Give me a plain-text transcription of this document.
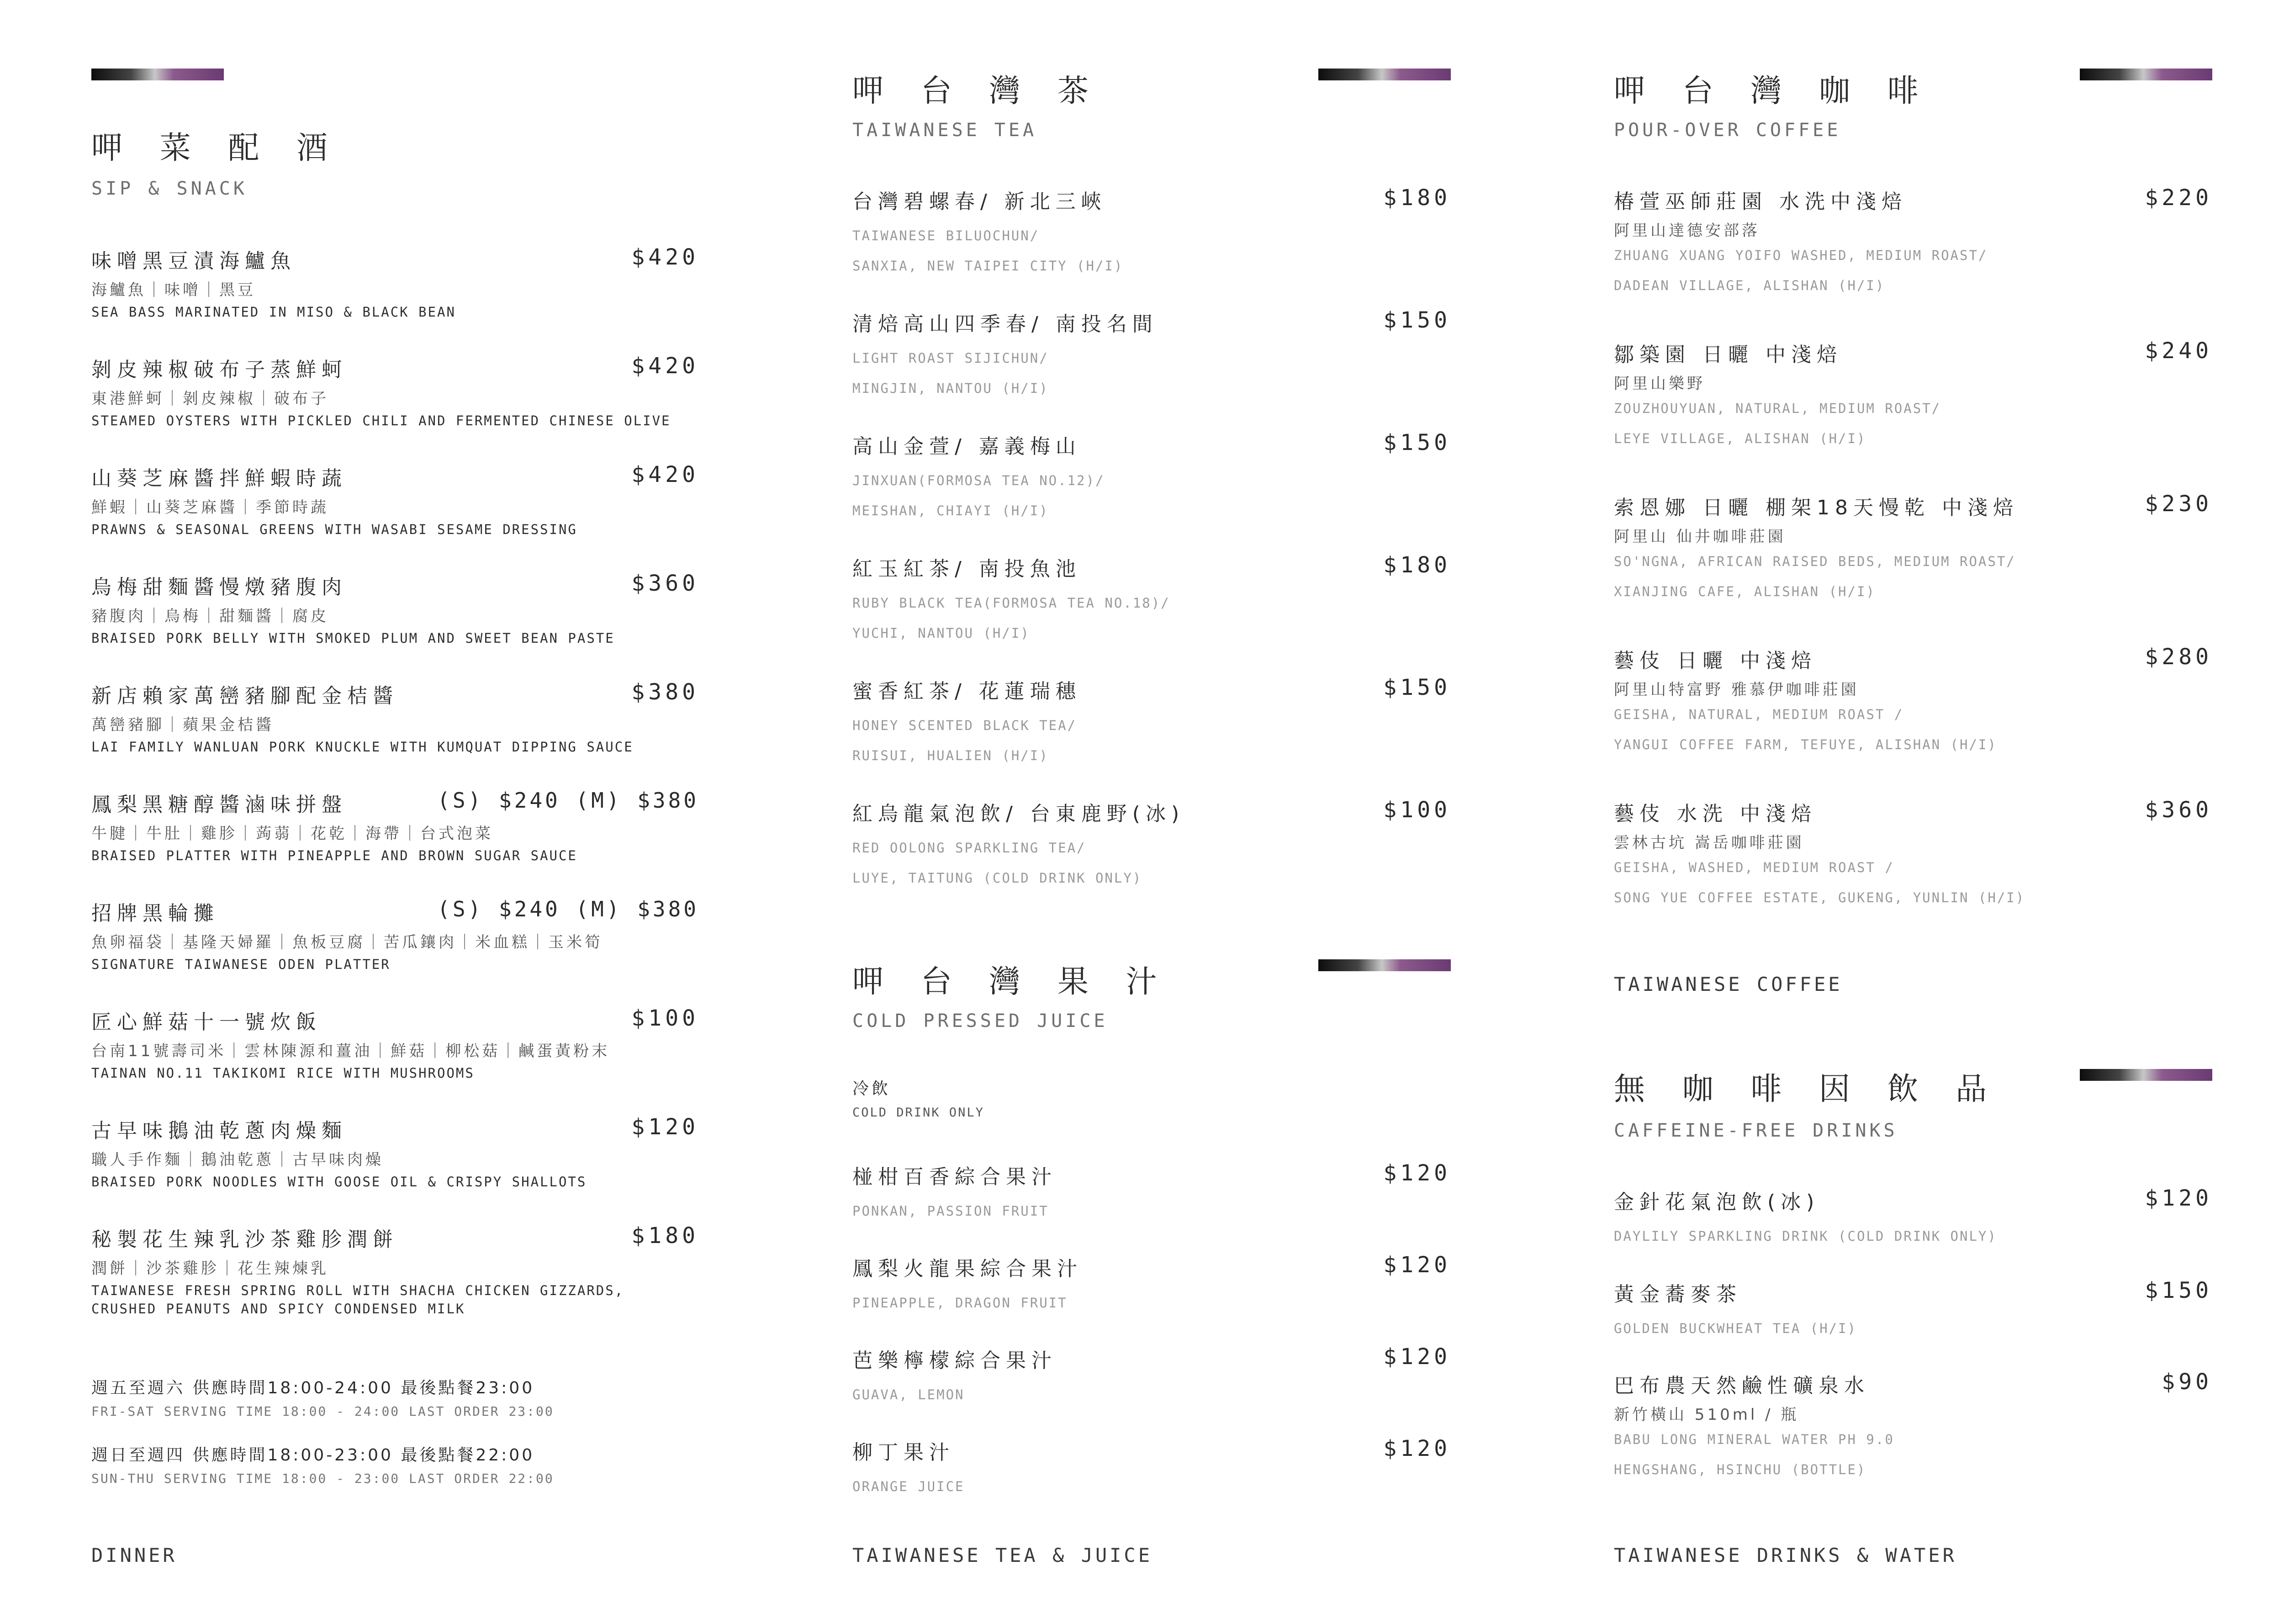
呷 菜 配 酒
SIP & SNACK
味噌黑豆漬海鱸魚	$420
海鱸魚｜味噌｜黑豆
SEA BASS MARINATED IN MISO & BLACK BEAN
剝皮辣椒破布子蒸鮮蚵	$420
東港鮮蚵｜剝皮辣椒｜破布子
STEAMED OYSTERS WITH PICKLED CHILI AND FERMENTED CHINESE OLIVE
山葵芝麻醬拌鮮蝦時蔬	$420
鮮蝦｜山葵芝麻醬｜季節時蔬
PRAWNS & SEASONAL GREENS WITH WASABI SESAME DRESSING
烏梅甜麵醬慢燉豬腹肉	$360
豬腹肉｜烏梅｜甜麵醬｜腐皮
BRAISED PORK BELLY WITH SMOKED PLUM AND SWEET BEAN PASTE
新店賴家萬巒豬腳配金桔醬	$380
萬巒豬腳｜蘋果金桔醬
LAI FAMILY WANLUAN PORK KNUCKLE WITH KUMQUAT DIPPING SAUCE
鳳梨黑糖醇醬滷味拼盤	(S) $240 (M) $380
牛腱｜牛肚｜雞胗｜蒟蒻｜花乾｜海帶｜台式泡菜
BRAISED PLATTER WITH PINEAPPLE AND BROWN SUGAR SAUCE
招牌黑輪攤	(S) $240 (M) $380
魚卵福袋｜基隆天婦羅｜魚板豆腐｜苦瓜鑲肉｜米血糕｜玉米筍
SIGNATURE TAIWANESE ODEN PLATTER
匠心鮮菇十一號炊飯	$100
台南11號壽司米｜雲林陳源和薑油｜鮮菇｜柳松菇｜鹹蛋黃粉末
TAINAN NO.11 TAKIKOMI RICE WITH MUSHROOMS
古早味鵝油乾蔥肉燥麵	$120
職人手作麵｜鵝油乾蔥｜古早味肉燥
BRAISED PORK NOODLES WITH GOOSE OIL & CRISPY SHALLOTS
秘製花生辣乳沙茶雞胗潤餅	$180
潤餅｜沙茶雞胗｜花生辣煉乳
TAIWANESE FRESH SPRING ROLL WITH SHACHA CHICKEN GIZZARDS,
CRUSHED PEANUTS AND SPICY CONDENSED MILK
週五至週六 供應時間18:00-24:00 最後點餐23:00
FRI-SAT SERVING TIME 18:00 - 24:00 LAST ORDER 23:00
週日至週四 供應時間18:00-23:00 最後點餐22:00
SUN-THU SERVING TIME 18:00 - 23:00 LAST ORDER 22:00
DINNER
呷 台 灣 茶
TAIWANESE TEA
台灣碧螺春/ 新北三峽	$180
TAIWANESE BILUOCHUN/
SANXIA, NEW TAIPEI CITY (H/I)
清焙高山四季春/ 南投名間	$150
LIGHT ROAST SIJICHUN/
MINGJIN, NANTOU (H/I)
高山金萱/ 嘉義梅山	$150
JINXUAN(FORMOSA TEA NO.12)/
MEISHAN, CHIAYI (H/I)
紅玉紅茶/ 南投魚池	$180
RUBY BLACK TEA(FORMOSA TEA NO.18)/
YUCHI, NANTOU (H/I)
蜜香紅茶/ 花蓮瑞穗	$150
HONEY SCENTED BLACK TEA/
RUISUI, HUALIEN (H/I)
紅烏龍氣泡飲/ 台東鹿野(冰)	$100
RED OOLONG SPARKLING TEA/
LUYE, TAITUNG (COLD DRINK ONLY)
呷 台 灣 果 汁
COLD PRESSED JUICE
冷飲
COLD DRINK ONLY
椪柑百香綜合果汁	$120
PONKAN, PASSION FRUIT
鳳梨火龍果綜合果汁	$120
PINEAPPLE, DRAGON FRUIT
芭樂檸檬綜合果汁	$120
GUAVA, LEMON
柳丁果汁	$120
ORANGE JUICE
TAIWANESE TEA & JUICE
呷 台 灣 咖 啡
POUR-OVER COFFEE
椿萱巫師莊園 水洗中淺焙	$220
阿里山達德安部落
ZHUANG XUANG YOIFO WASHED, MEDIUM ROAST/
DADEAN VILLAGE, ALISHAN (H/I)
鄒築園 日曬 中淺焙	$240
阿里山樂野
ZOUZHOUYUAN, NATURAL, MEDIUM ROAST/
LEYE VILLAGE, ALISHAN (H/I)
索恩娜 日曬 棚架18天慢乾 中淺焙	$230
阿里山 仙井咖啡莊園
SO'NGNA, AFRICAN RAISED BEDS, MEDIUM ROAST/
XIANJING CAFE, ALISHAN (H/I)
藝伎 日曬 中淺焙	$280
阿里山特富野 雅慕伊咖啡莊園
GEISHA, NATURAL, MEDIUM ROAST /
YANGUI COFFEE FARM, TEFUYE, ALISHAN (H/I)
藝伎 水洗 中淺焙	$360
雲林古坑 嵩岳咖啡莊園
GEISHA, WASHED, MEDIUM ROAST /
SONG YUE COFFEE ESTATE, GUKENG, YUNLIN (H/I)
TAIWANESE COFFEE
無 咖 啡 因 飲 品
CAFFEINE-FREE DRINKS
金針花氣泡飲(冰)	$120
DAYLILY SPARKLING DRINK (COLD DRINK ONLY)
黃金蕎麥茶	$150
GOLDEN BUCKWHEAT TEA (H/I)
巴布農天然鹼性礦泉水	$90
新竹橫山 510ml / 瓶
BABU LONG MINERAL WATER PH 9.0
HENGSHANG, HSINCHU (BOTTLE)
TAIWANESE DRINKS & WATER
